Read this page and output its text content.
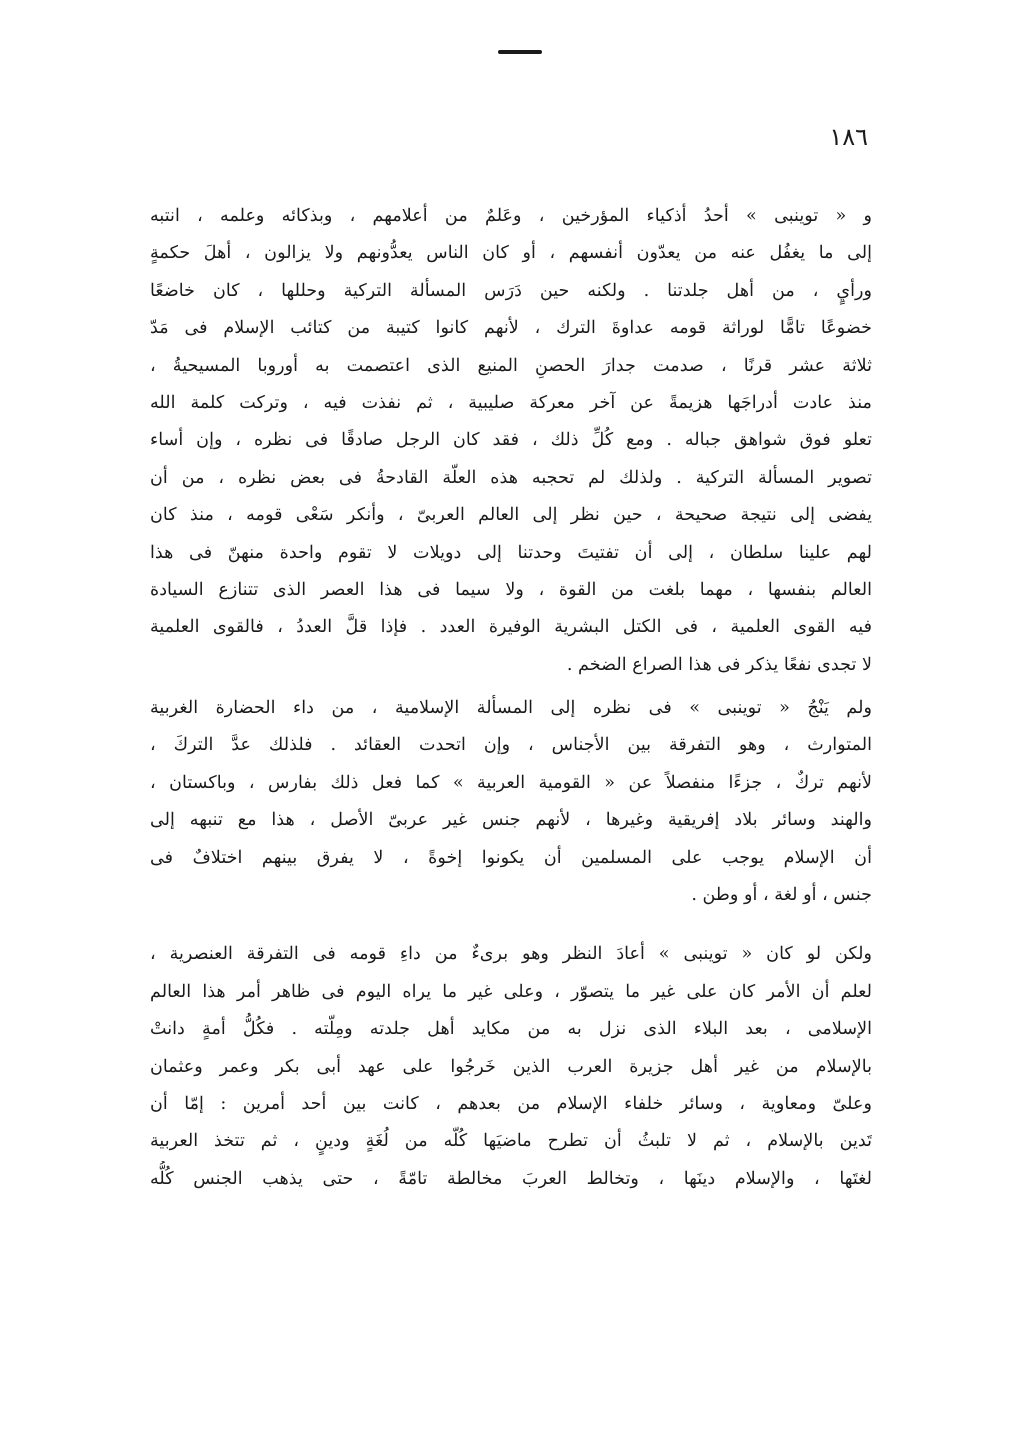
١٨٦

و « توينبى » أحدُ أذكياء المؤرخين ، وعَلمٌ من أعلامهم ، وبذكائه وعلمه ، انتبه
إلى ما يغفُل عنه من يعدّون أنفسهم ، أو كان الناس يعدُّونهم ولا يزالون ، أهلَ حكمةٍ
ورأيٍ ، من أهل جلدتنا . ولكنه حين دَرَس المسألة التركية وحللها ، كان خاضعًا
خضوعًا تامًّا لوراثة قومه عداوةَ الترك ، لأنهم كانوا كتيبة من كتائب الإسلام فى مَدّ
ثلاثة عشر قرنًا ، صدمت جدارَ الحصنِ المنيع الذى اعتصمت به أوروبا المسيحيةُ ،
منذ عادت أدراجَها هزيمةً عن آخر معركة صليبية ، ثم نفذت فيه ، وتركت كلمة الله
تعلو فوق شواهق جباله . ومع كُلِّ ذلك ، فقد كان الرجل صادقًا فى نظره ، وإن أساء
تصوير المسألة التركية . ولذلك لم تحجبه هذه العلّة القادحةُ فى بعض نظره ، من أن
يفضى إلى نتيجة صحيحة ، حين نظر إلى العالم العربىّ ، وأنكر سَعْى قومه ، منذ كان
لهم علينا سلطان ، إلى أن تفتيتَ وحدتنا إلى دويلات لا تقوم واحدة منهنّ فى هذا
العالم بنفسها ، مهما بلغت من القوة ، ولا سيما فى هذا العصر الذى تتنازع السيادة
فيه القوى العلمية ، فى الكتل البشرية الوفيرة العدد . فإذا قلَّ العددُ ، فالقوى العلمية
لا تجدى نفعًا يذكر فى هذا الصراع الضخم .

ولم يَنْجُ « توينبى » فى نظره إلى المسألة الإسلامية ، من داء الحضارة الغربية
المتوارث ، وهو التفرقة بين الأجناس ، وإن اتحدت العقائد . فلذلك عدَّ التركَ ،
لأنهم تركٌ ، جزءًا منفصلاً عن « القومية العربية » كما فعل ذلك بفارس ، وباكستان ،
والهند وسائر بلاد إفريقية وغيرها ، لأنهم جنس غير عربىّ الأصل ، هذا مع تنبهه إلى
أن الإسلام يوجب على المسلمين أن يكونوا إخوةً ، لا يفرق بينهم اختلافٌ فى
جنس ، أو لغة ، أو وطن .

ولكن لو كان « توينبى » أعادَ النظر وهو برىءٌ من داءِ قومه فى التفرقة العنصرية ،
لعلم أن الأمر كان على غير ما يتصوّر ، وعلى غير ما يراه اليوم فى ظاهر أمر هذا العالم
الإسلامى ، بعد البلاء الذى نزل به من مكايد أهل جلدته ومِلّته . فكُلُّ أمةٍ دانتْ
بالإسلام من غير أهل جزيرة العرب الذين خَرجُوا على عهد أبى بكر وعمر وعثمان
وعلىّ ومعاوية ، وسائر خلفاء الإسلام من بعدهم ، كانت بين أحد أمرين : إمّا أن
تَدين بالإسلام ، ثم لا تلبثُ أن تطرح ماضيَها كُلّه من لُغَةٍ ودينٍ ، ثم تتخذ العربية
لغتَها ، والإسلام دينَها ، وتخالط العربَ مخالطة تامّةً ، حتى يذهب الجنس كُلُّه
